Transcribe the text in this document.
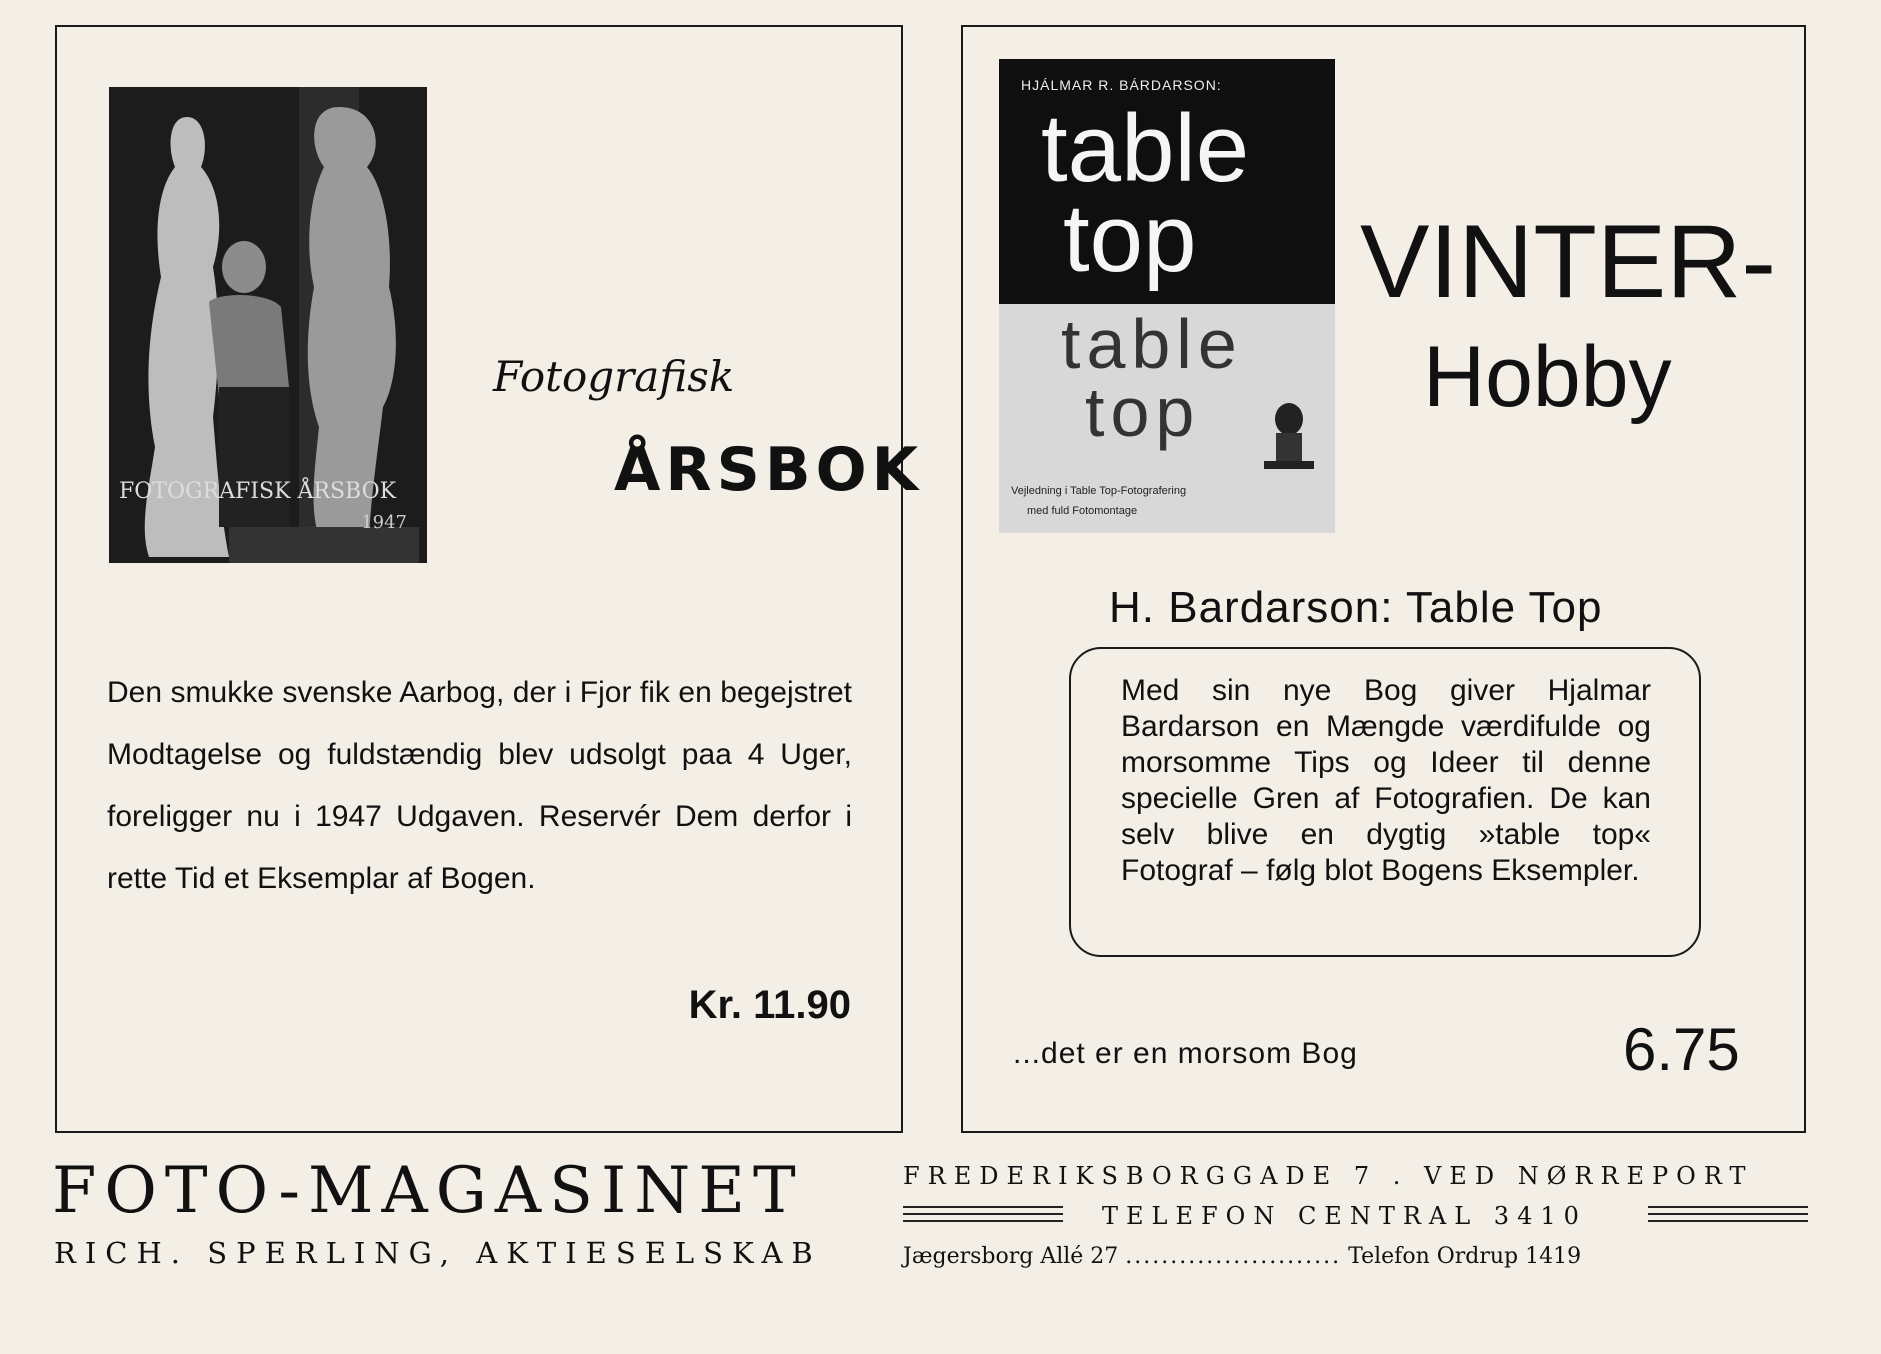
FOTOGRAFISK ÅRSBOK
1947
Fotografisk
ÅRSBOK
Den smukke svenske Aarbog, der i Fjor fik en begejstret Modtagelse og fuldstændig blev udsolgt paa 4 Uger, foreligger nu i 1947 Udgaven. Reservér Dem derfor i rette Tid et Eksemplar af Bogen.
Kr. 11.90
HJÁLMAR R. BÁRDARSON:
table
top
table
top
Vejledning i Table Top-Fotografering
med fuld Fotomontage
VINTER-
Hobby
H. Bardarson: Table Top
Med sin nye Bog giver Hjalmar Bardarson en Mængde værdifulde og morsomme Tips og Ideer til denne specielle Gren af Fotografien. De kan selv blive en dygtig »table top« Fotograf – følg blot Bogens Eksempler.
...det er en morsom Bog	6.75
FOTO-MAGASINET
RICH. SPERLING, AKTIESELSKAB
FREDERIKSBORGGADE 7 . VED NØRREPORT
TELEFON CENTRAL 3410
Jægersborg Allé 27 ........................ Telefon Ordrup 1419
